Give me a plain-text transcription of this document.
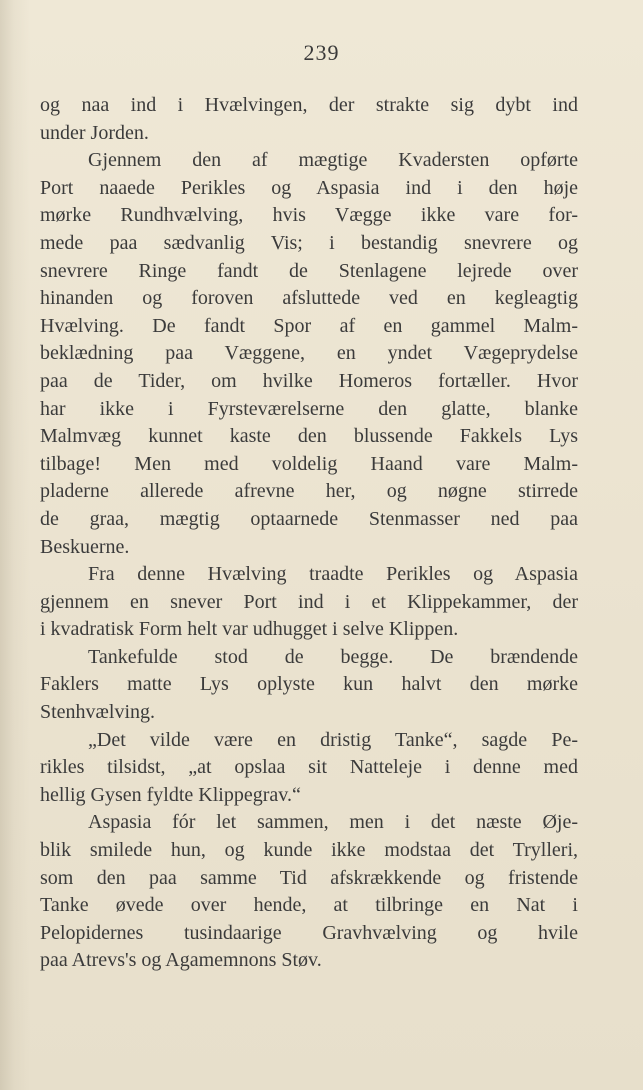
239
og naa ind i Hvælvingen, der strakte sig dybt ind
under Jorden.
Gjennem den af mægtige Kvadersten opførte
Port naaede Perikles og Aspasia ind i den høje
mørke Rundhvælving, hvis Vægge ikke vare for-
mede paa sædvanlig Vis; i bestandig snevrere og
snevrere Ringe fandt de Stenlagene lejrede over
hinanden og foroven afsluttede ved en kegleagtig
Hvælving. De fandt Spor af en gammel Malm-
beklædning paa Væggene, en yndet Vægeprydelse
paa de Tider, om hvilke Homeros fortæller. Hvor
har ikke i Fyrsteværelserne den glatte, blanke
Malmvæg kunnet kaste den blussende Fakkels Lys
tilbage! Men med voldelig Haand vare Malm-
pladerne allerede afrevne her, og nøgne stirrede
de graa, mægtig optaarnede Stenmasser ned paa
Beskuerne.
Fra denne Hvælving traadte Perikles og Aspasia
gjennem en snever Port ind i et Klippekammer, der
i kvadratisk Form helt var udhugget i selve Klippen.
Tankefulde stod de begge. De brændende
Faklers matte Lys oplyste kun halvt den mørke
Stenhvælving.
„Det vilde være en dristig Tanke“, sagde Pe-
rikles tilsidst, „at opslaa sit Natteleje i denne med
hellig Gysen fyldte Klippegrav.“
Aspasia fór let sammen, men i det næste Øje-
blik smilede hun, og kunde ikke modstaa det Trylleri,
som den paa samme Tid afskrækkende og fristende
Tanke øvede over hende, at tilbringe en Nat i
Pelopidernes tusindaarige Gravhvælving og hvile
paa Atrevs's og Agamemnons Støv.
